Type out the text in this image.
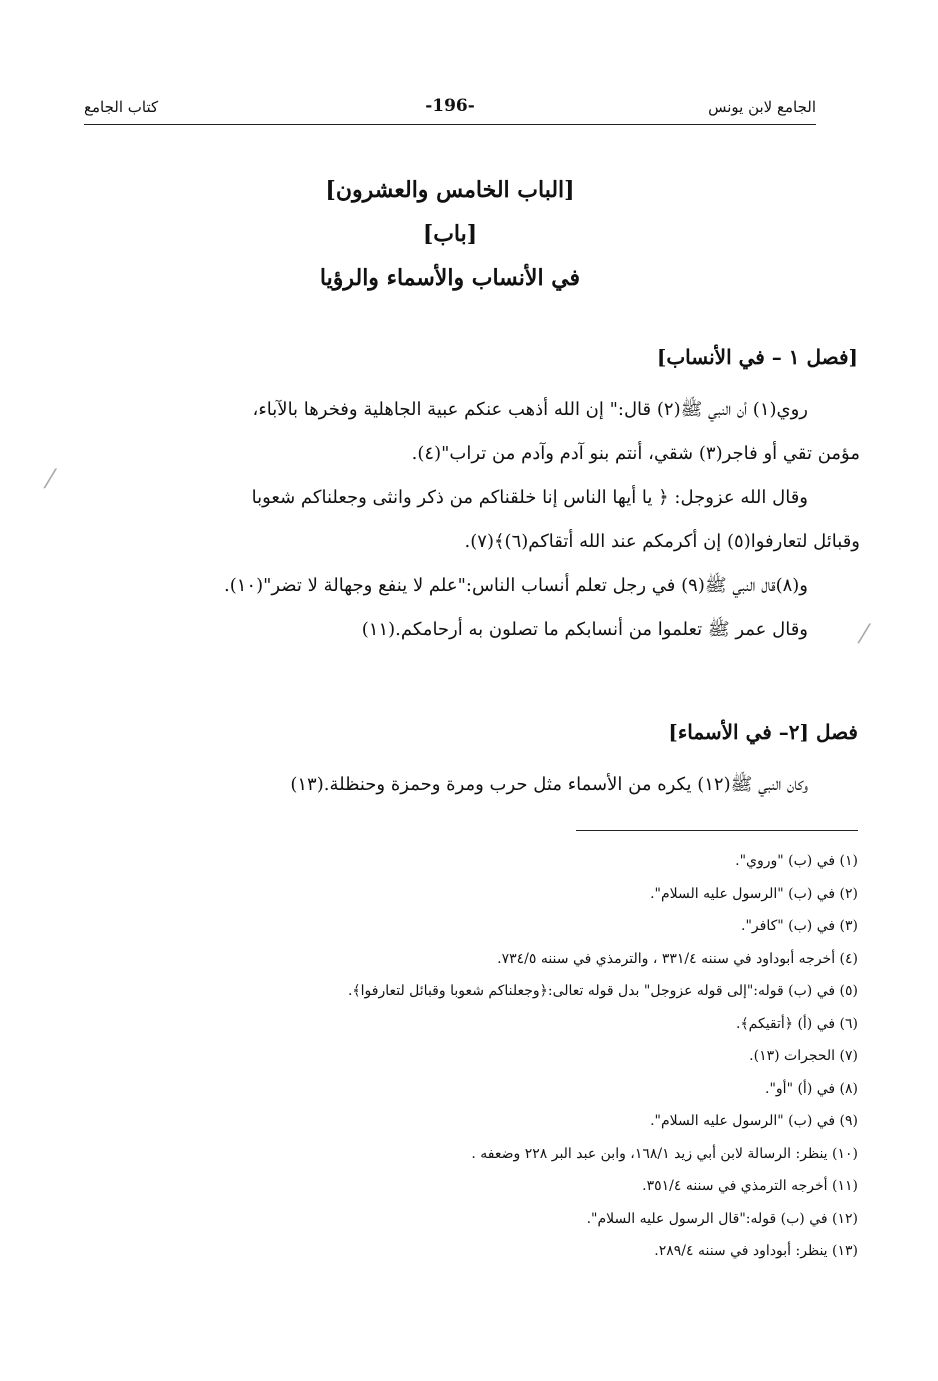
الجامع لابن يونس
-196-
كتاب الجامع
[الباب الخامس والعشرون]
[باب]
في الأنساب والأسماء والرؤيا
[فصل ١ – في الأنساب]

روي(١) أن النبي ﷺ(٢) قال:" إن الله أذهب عنكم عبية الجاهلية وفخرها بالآباء،

مؤمن تقي أو فاجر(٣) شقي، أنتم بنو آدم وآدم من تراب"(٤).

وقال الله عزوجل: ﴿ يا أيها الناس إنا خلقناكم من ذكر وانثى وجعلناكم شعوبا

وقبائل لتعارفوا(٥) إن أكرمكم عند الله أتقاكم(٦)﴾(٧).

و(٨)قال النبي ﷺ(٩) في رجل تعلم أنساب الناس:"علم لا ينفع وجهالة لا تضر"(١٠).

وقال عمر ﷺ تعلموا من أنسابكم ما تصلون به أرحامكم.(١١)

فصل [٢– في الأسماء]

وكان النبي ﷺ(١٢) يكره من الأسماء مثل حرب ومرة وحمزة وحنظلة.(١٣)

(١) في (ب) "وروي".
(٢) في (ب) "الرسول عليه السلام".
(٣) في (ب) "كافر".
(٤) أخرجه أبوداود في سننه ٣٣١/٤ ، والترمذي في سننه ٧٣٤/٥.
(٥) في (ب) قوله:"إلى قوله عزوجل" بدل قوله تعالى:﴿وجعلناكم شعوبا وقبائل لتعارفوا﴾.
(٦) في (أ) ﴿أتقيكم﴾.
(٧) الحجرات (١٣).
(٨) في (أ) "أو".
(٩) في (ب) "الرسول عليه السلام".
(١٠) ينظر: الرسالة لابن أبي زيد ١٦٨/١، وابن عبد البر ٢٢٨ وضعفه .
(١١) أخرجه الترمذي في سننه ٣٥١/٤.
(١٢) في (ب) قوله:"قال الرسول عليه السلام".
(١٣) ينظر: أبوداود في سننه ٢٨٩/٤.
⁄
⁄
